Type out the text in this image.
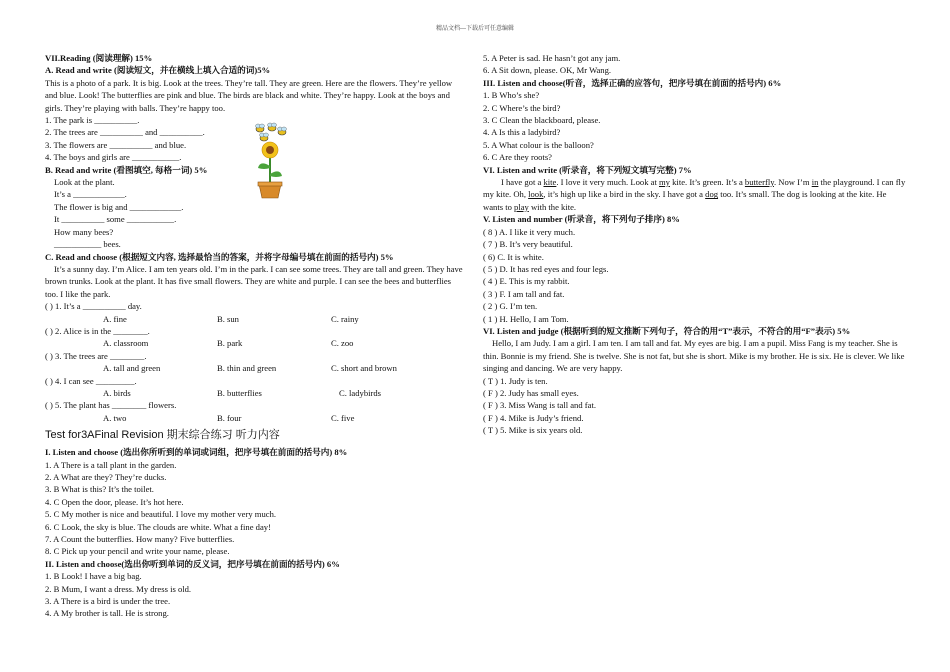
精品文档---下载后可任意编辑
VII.Reading (阅读理解) 15%
A. Read and write (阅读短文，并在横线上填入合适的词)5%
This is a photo of a park. It is big. Look at the trees. They’re tall. They are green. Here are the flowers. They’re yellow and blue. Look! The butterflies are pink and blue. The birds are black and white. They’re happy. Look at the boys and girls. They’re playing with balls. They’re happy too.
1. The park is __________.
2. The trees are __________ and __________.
3. The flowers are __________ and blue.
4. The boys and girls are ___________.
B. Read and write (看图填空, 每格一词) 5%
Look at the plant.
It’s a ____________.
The flower is big and ____________.
It __________ some ___________.
How many bees?
___________ bees.
C. Read and choose (根据短文内容, 选择最恰当的答案，并将字母编号填在前面的括号内) 5%
It’s a sunny day. I’m Alice. I am ten years old. I’m in the park. I can see some trees. They are tall and green. They have brown trunks. Look at the plant. It has five small flowers. They are white and purple. I can see the bees and butterflies too. I like the park.
( ) 1. It’s a __________ day.
A. fine	B. sun	C. rainy
( ) 2. Alice is in the ________.
A. classroom	B. park	C. zoo
( ) 3. The trees are ________.
A. tall and green	B. thin and green	C. short and brown
( ) 4. I can see _________.
A. birds	B. butterflies	C. ladybirds
( ) 5. The plant has ________ flowers.
A. two	B. four	C. five
Test for3AFinal Revision 期末综合练习 听力内容
I. Listen and choose (选出你所听到的单词或词组，把序号填在前面的括号内) 8%
1. A There is a tall plant in the garden.
2. A What are they? They’re ducks.
3. B What is this? It’s the toilet.
4. C Open the door, please. It’s hot here.
5. C My mother is nice and beautiful. I love my mother very much.
6. C Look, the sky is blue. The clouds are white. What a fine day!
7. A Count the butterflies. How many? Five butterflies.
8. C Pick up your pencil and write your name, please.
II. Listen and choose(选出你听到单词的反义词，把序号填在前面的括号内) 6%
1. B Look! I have a big bag.
2. B Mum, I want a dress. My dress is old.
3. A There is a bird is under the tree.
4. A My brother is tall. He is strong.
5. A Peter is sad. He hasn’t got any jam.
6. A Sit down, please. OK, Mr Wang.
III. Listen and choose(听音，选择正确的应答句，把序号填在前面的括号内) 6%
1. B Who’s she?
2. C Where’s the bird?
3. C Clean the blackboard, please.
4. A Is this a ladybird?
5. A What colour is the balloon?
6. C Are they roots?
VI. Listen and write (听录音，将下列短文填写完整) 7%
I have got a kite. I love it very much. Look at my kite. It’s green. It’s a butterfly. Now I’m in the playground. I can fly my kite. Oh, look, it’s high up like a bird in the sky. I have got a dog too. It’s small. The dog is looking at the kite. He wants to play with the kite.
V. Listen and number (听录音，将下列句子排序) 8%
( 8 ) A. I like it very much.
( 7 ) B. It’s very beautiful.
( 6) C. It is white.
( 5 ) D. It has red eyes and four legs.
( 4 ) E. This is my rabbit.
( 3 ) F. I am tall and fat.
( 2 ) G. I’m ten.
( 1 ) H. Hello, I am Tom.
VI. Listen and judge (根据听到的短文推断下列句子，符合的用“T”表示，不符合的用“F”表示) 5%
Hello, I am Judy. I am a girl. I am ten. I am tall and fat. My eyes are big. I am a pupil. Miss Fang is my teacher. She is thin. Bonnie is my friend. She is twelve. She is not fat, but she is short. Mike is my brother. He is six. He is clever. We like singing and dancing. We are very happy.
( T ) 1. Judy is ten.
( F ) 2. Judy has small eyes.
( F ) 3. Miss Wang is tall and fat.
( F ) 4. Mike is Judy’s friend.
( T ) 5. Mike is six years old.
